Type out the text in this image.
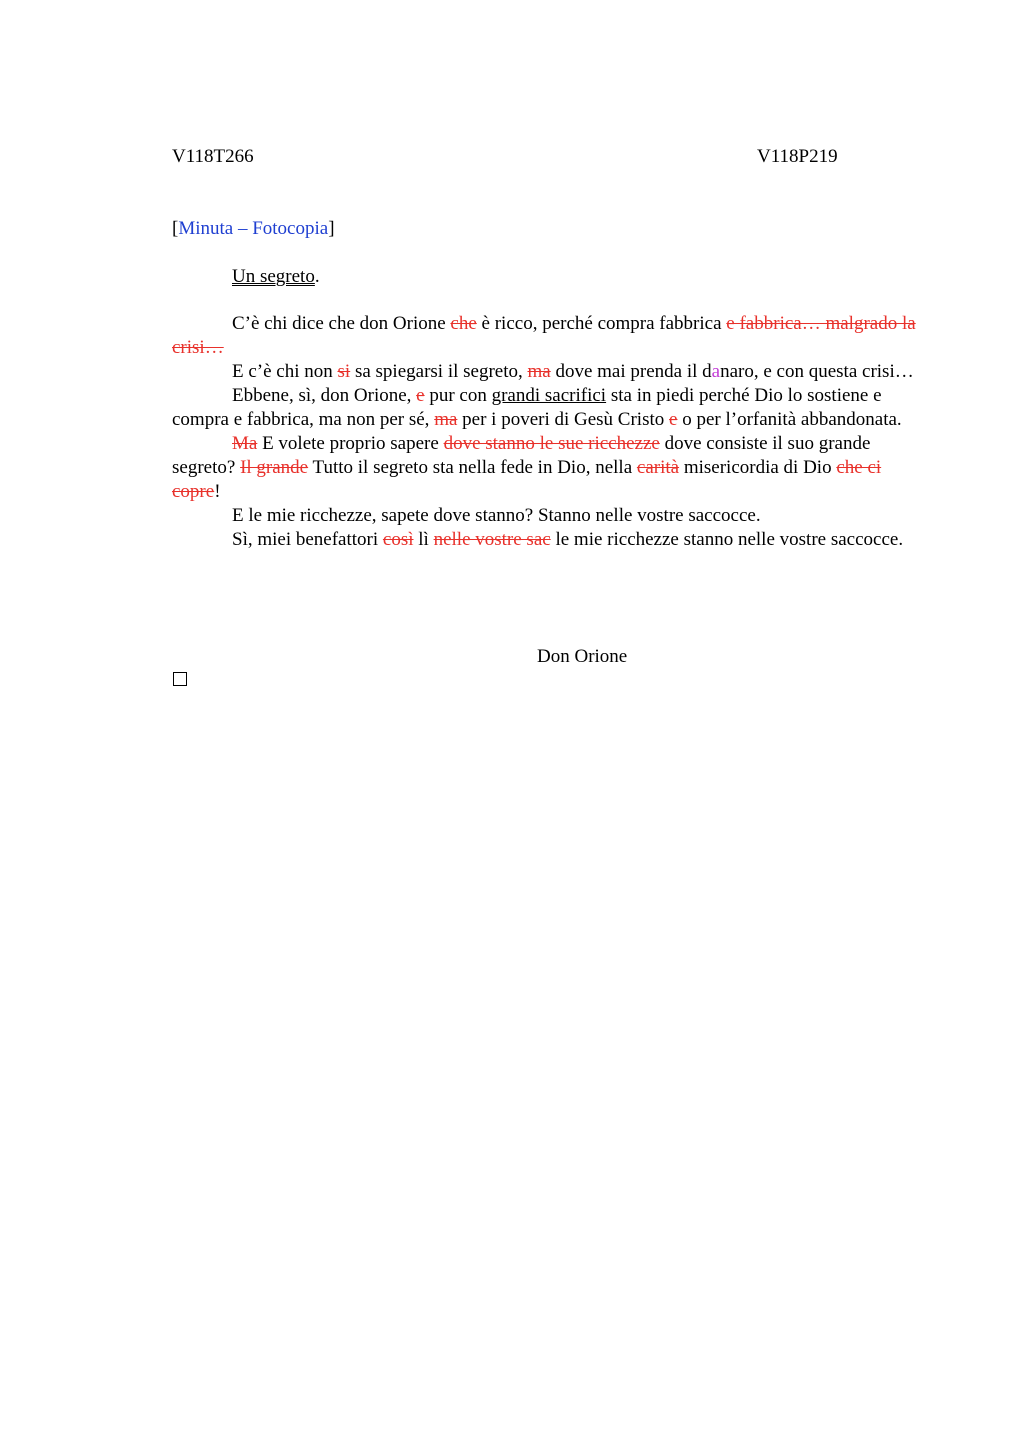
V118T266	V118P219
[Minuta – Fotocopia]
Un segreto.

C’è chi dice che don Orione che è ricco, perché compra fabbrica e fabbrica… malgrado la crisi…

E c’è chi non si sa spiegarsi il segreto, ma dove mai prenda il danaro, e con questa crisi…

Ebbene, sì, don Orione, e pur con grandi sacrifici sta in piedi perché Dio lo sostiene e compra e fabbrica, ma non per sé, ma per i poveri di Gesù Cristo e o per l’orfanità abbandonata.

Ma E volete proprio sapere dove stanno le sue ricchezze dove consiste il suo grande segreto? Il grande Tutto il segreto sta nella fede in Dio, nella carità misericordia di Dio che ci copre!

E le mie ricchezze, sapete dove stanno? Stanno nelle vostre saccocce.

Sì, miei benefattori così lì nelle vostre sac le mie ricchezze stanno nelle vostre saccocce.

Don Orione
